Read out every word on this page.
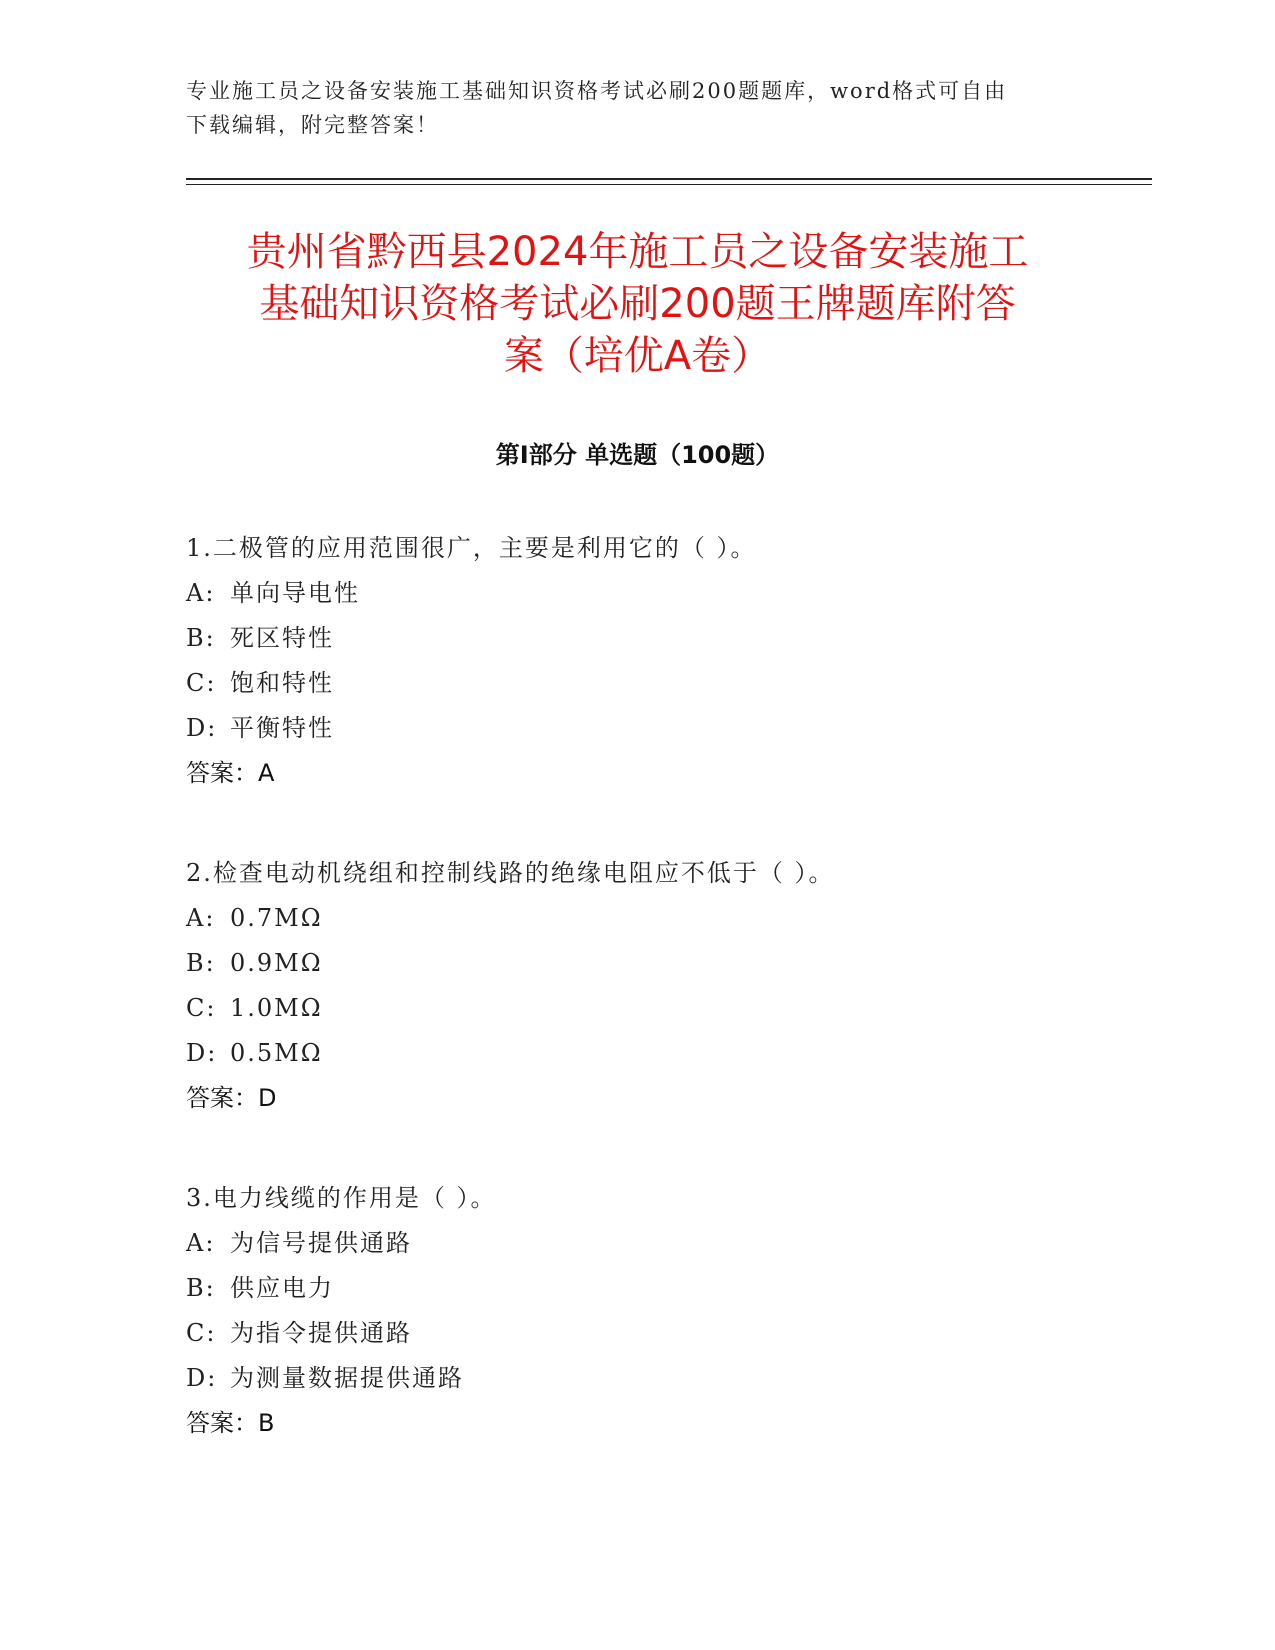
专业施工员之设备安装施工基础知识资格考试必刷200题题库，word格式可自由
下载编辑，附完整答案！
贵州省黔西县2024年施工员之设备安装施工
基础知识资格考试必刷200题王牌题库附答
案（培优A卷）
第Ⅰ部分 单选题（100题）
1.二极管的应用范围很广，主要是利用它的（ ）。
A: 单向导电性
B: 死区特性
C: 饱和特性
D: 平衡特性
答案：A
2.检查电动机绕组和控制线路的绝缘电阻应不低于（ ）。
A: 0.7MΩ
B: 0.9MΩ
C: 1.0MΩ
D: 0.5MΩ
答案：D
3.电力线缆的作用是（ ）。
A: 为信号提供通路
B: 供应电力
C: 为指令提供通路
D: 为测量数据提供通路
答案：B
